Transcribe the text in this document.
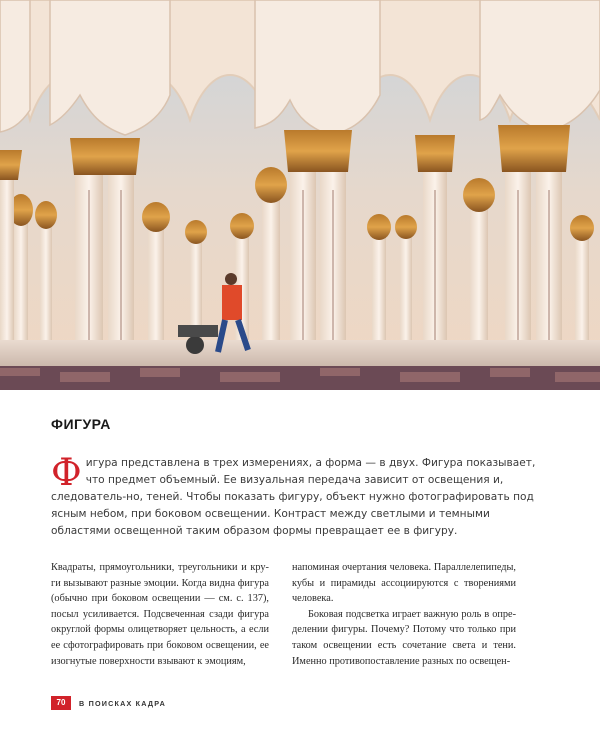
ФИГУРА

Ф игура представлена в трех измерениях, а форма — в двух. Фигура показывает, что предмет объемный. Ее визуальная передача зависит от освещения и, следователь-но, теней. Чтобы показать фигуру, объект нужно фотографировать под ясным небом, при боковом освещении. Контраст между светлыми и темными областями освещенной таким образом формы превращает ее в фигуру.

Квадраты, прямоугольники, треугольники и кру-ги вызывают разные эмоции. Когда видна фигура (обычно при боковом освещении — см. с. 137), посыл усиливается. Подсвеченная сзади фигура округлой формы олицетворяет цельность, а если ее сфотографировать при боковом освещении, ее изогнутые поверхности взывают к эмоциям,

напоминая очертания человека. Параллелепипеды, кубы и пирамиды ассоциируются с творениями человека.

Боковая подсветка играет важную роль в опре-делении фигуры. Почему? Потому что только при таком освещении есть сочетание света и тени. Именно противопоставление разных по освещен-

70	В ПОИСКАХ КАДРА
